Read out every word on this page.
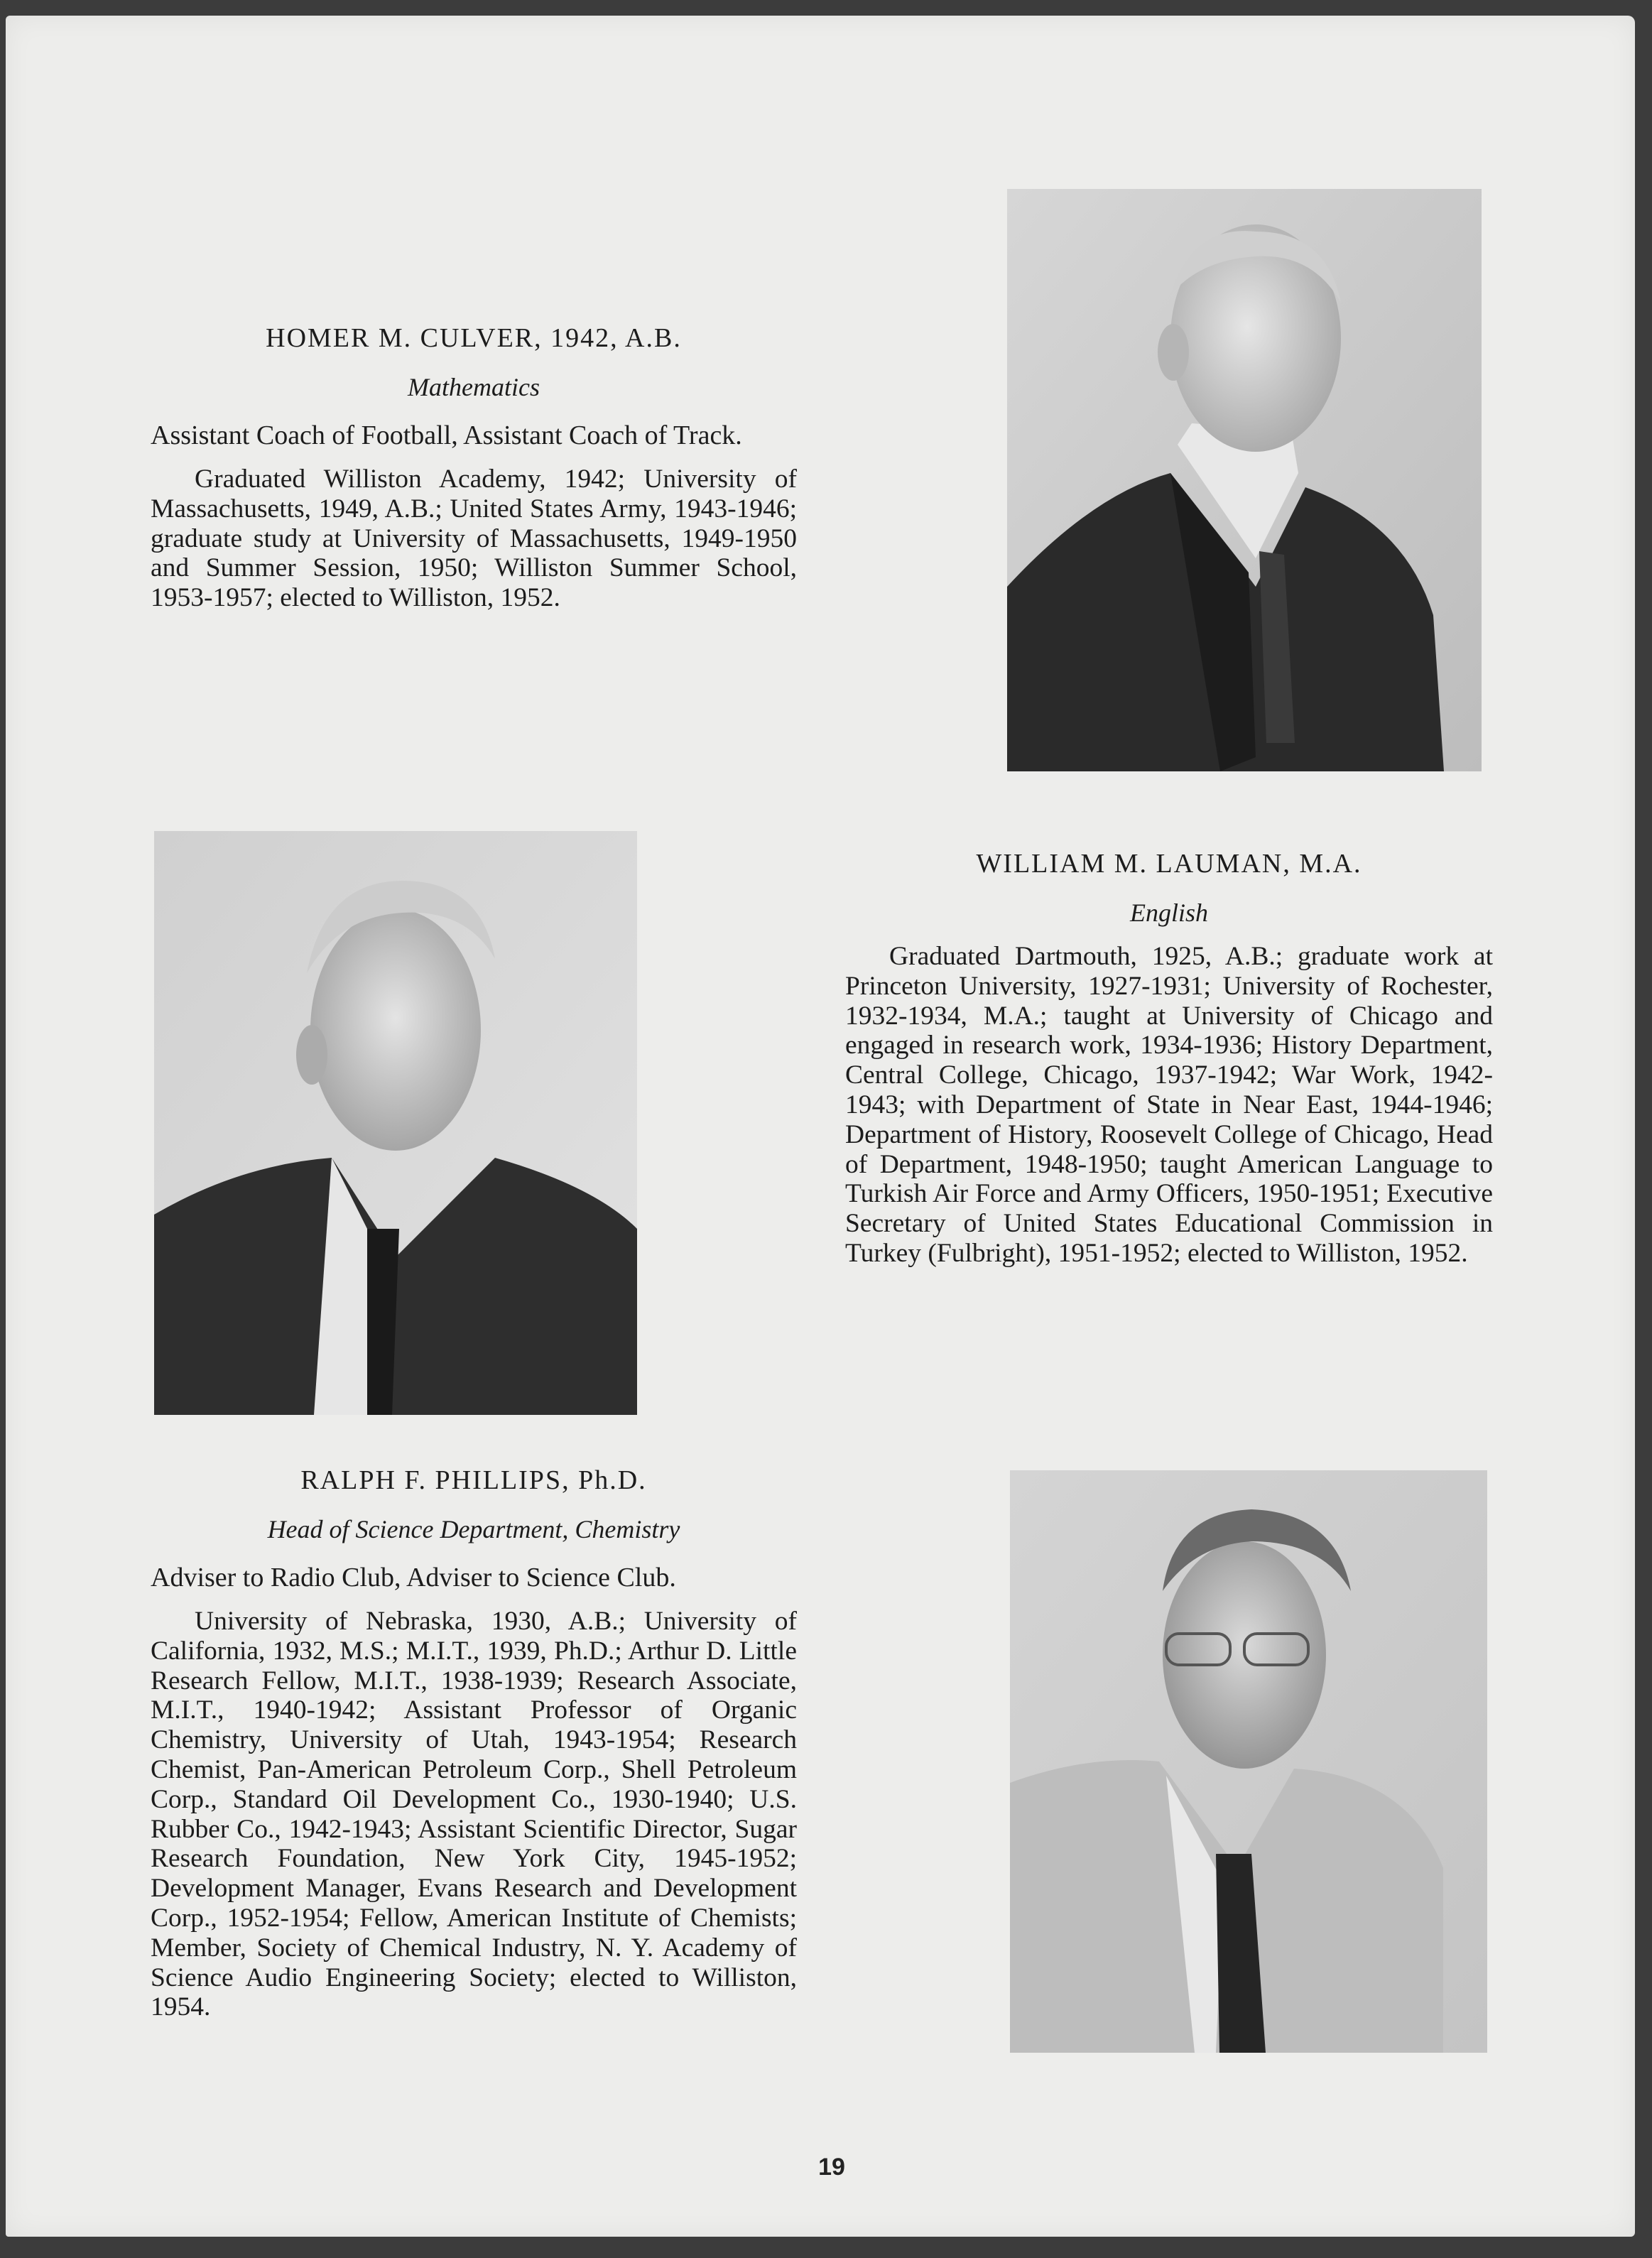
HOMER M. CULVER, 1942, A.B.

Mathematics

Assistant Coach of Football, Assistant Coach of Track.

Graduated Williston Academy, 1942; University of Massachusetts, 1949, A.B.; United States Army, 1943-1946; graduate study at University of Massachusetts, 1949-1950 and Summer Session, 1950; Williston Summer School, 1953-1957; elected to Williston, 1952.

WILLIAM M. LAUMAN, M.A.

English

Graduated Dartmouth, 1925, A.B.; graduate work at Princeton University, 1927-1931; University of Rochester, 1932-1934, M.A.; taught at University of Chicago and engaged in research work, 1934-1936; History Department, Central College, Chicago, 1937-1942; War Work, 1942-1943; with Department of State in Near East, 1944-1946; Department of History, Roosevelt College of Chicago, Head of Department, 1948-1950; taught American Language to Turkish Air Force and Army Officers, 1950-1951; Executive Secretary of United States Educational Commission in Turkey (Fulbright), 1951-1952; elected to Williston, 1952.

RALPH F. PHILLIPS, Ph.D.

Head of Science Department, Chemistry

Adviser to Radio Club, Adviser to Science Club.

University of Nebraska, 1930, A.B.; University of California, 1932, M.S.; M.I.T., 1939, Ph.D.; Arthur D. Little Research Fellow, M.I.T., 1938-1939; Research Associate, M.I.T., 1940-1942; Assistant Professor of Organic Chemistry, University of Utah, 1943-1954; Research Chemist, Pan-American Petroleum Corp., Shell Petroleum Corp., Standard Oil Development Co., 1930-1940; U.S. Rubber Co., 1942-1943; Assistant Scientific Director, Sugar Research Foundation, New York City, 1945-1952; Development Manager, Evans Research and Development Corp., 1952-1954; Fellow, American Institute of Chemists; Member, Society of Chemical Industry, N. Y. Academy of Science Audio Engineering Society; elected to Williston, 1954.

19
